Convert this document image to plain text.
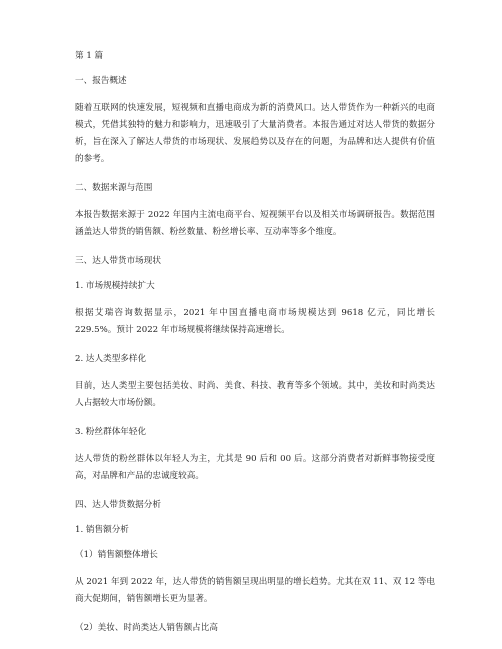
第 1 篇
一、报告概述
随着互联网的快速发展，短视频和直播电商成为新的消费风口。达人带货作为一种新兴的电商模式，凭借其独特的魅力和影响力，迅速吸引了大量消费者。本报告通过对达人带货的数据分析，旨在深入了解达人带货的市场现状、发展趋势以及存在的问题，为品牌和达人提供有价值的参考。
二、数据来源与范围
本报告数据来源于 2022 年国内主流电商平台、短视频平台以及相关市场调研报告。数据范围涵盖达人带货的销售额、粉丝数量、粉丝增长率、互动率等多个维度。
三、达人带货市场现状
1. 市场规模持续扩大
根据艾瑞咨询数据显示，2021 年中国直播电商市场规模达到 9618 亿元，同比增长 229.5%。预计 2022 年市场规模将继续保持高速增长。
2. 达人类型多样化
目前，达人类型主要包括美妆、时尚、美食、科技、教育等多个领域。其中，美妆和时尚类达人占据较大市场份额。
3. 粉丝群体年轻化
达人带货的粉丝群体以年轻人为主，尤其是 90 后和 00 后。这部分消费者对新鲜事物接受度高，对品牌和产品的忠诚度较高。
四、达人带货数据分析
1. 销售额分析
（1）销售额整体增长
从 2021 年到 2022 年，达人带货的销售额呈现出明显的增长趋势。尤其在双 11、双 12 等电商大促期间，销售额增长更为显著。
（2）美妆、时尚类达人销售额占比高
